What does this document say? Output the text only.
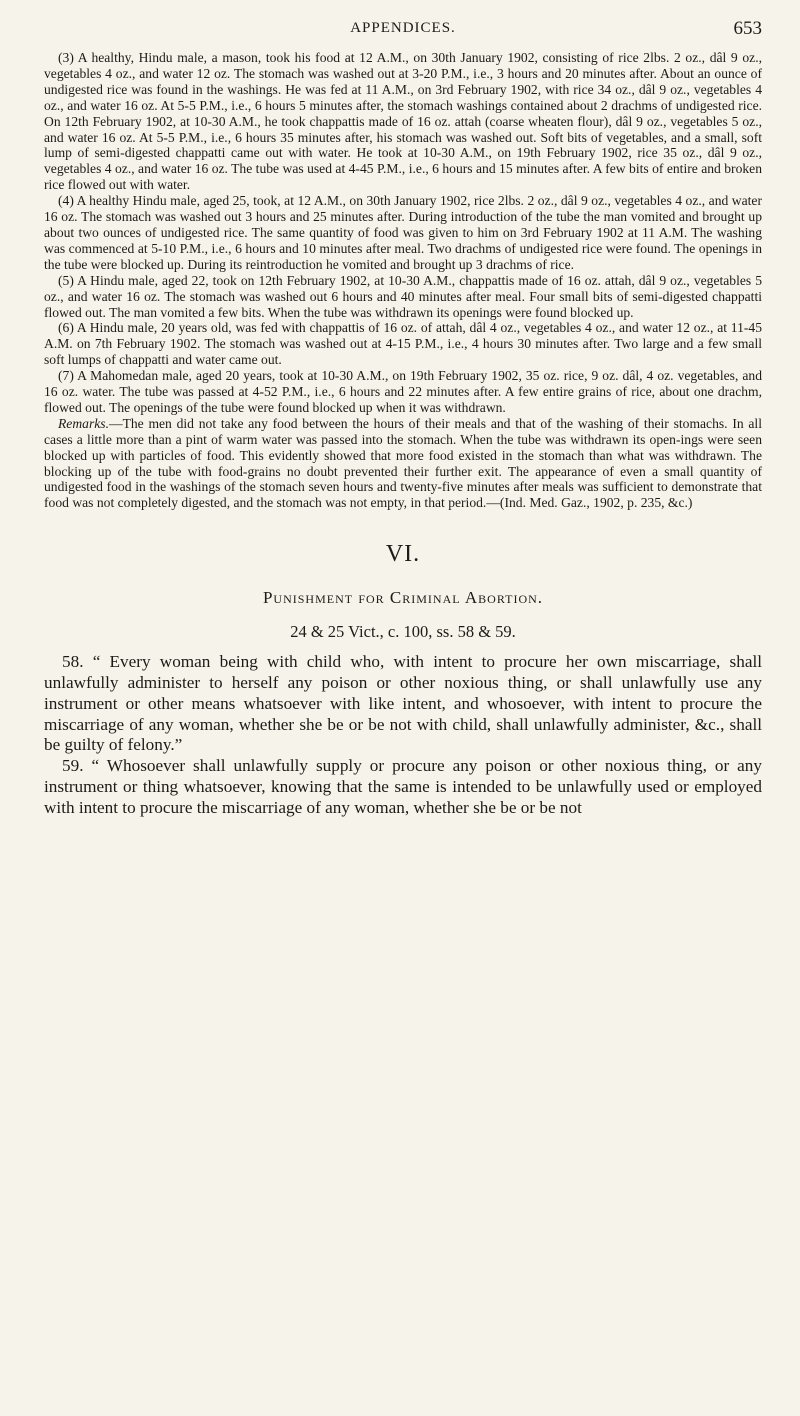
APPENDICES.	653

(3) A healthy, Hindu male, a mason, took his food at 12 A.M., on 30th January 1902, consisting of rice 2lbs. 2 oz., dâl 9 oz., vegetables 4 oz., and water 12 oz. The stomach was washed out at 3-20 P.M., i.e., 3 hours and 20 minutes after. About an ounce of undigested rice was found in the washings. He was fed at 11 A.M., on 3rd February 1902, with rice 34 oz., dâl 9 oz., vegetables 4 oz., and water 16 oz. At 5-5 P.M., i.e., 6 hours 5 minutes after, the stomach washings contained about 2 drachms of undigested rice. On 12th February 1902, at 10-30 A.M., he took chappattis made of 16 oz. attah (coarse wheaten flour), dâl 9 oz., vegetables 5 oz., and water 16 oz. At 5-5 P.M., i.e., 6 hours 35 minutes after, his stomach was washed out. Soft bits of vegetables, and a small, soft lump of semi-digested chappatti came out with water. He took at 10-30 A.M., on 19th February 1902, rice 35 oz., dâl 9 oz., vegetables 4 oz., and water 16 oz. The tube was used at 4-45 P.M., i.e., 6 hours and 15 minutes after. A few bits of entire and broken rice flowed out with water.

(4) A healthy Hindu male, aged 25, took, at 12 A.M., on 30th January 1902, rice 2lbs. 2 oz., dâl 9 oz., vegetables 4 oz., and water 16 oz. The stomach was washed out 3 hours and 25 minutes after. During introduction of the tube the man vomited and brought up about two ounces of undigested rice. The same quantity of food was given to him on 3rd February 1902 at 11 A.M. The washing was commenced at 5-10 P.M., i.e., 6 hours and 10 minutes after meal. Two drachms of undigested rice were found. The openings in the tube were blocked up. During its reintroduction he vomited and brought up 3 drachms of rice.

(5) A Hindu male, aged 22, took on 12th February 1902, at 10-30 A.M., chappattis made of 16 oz. attah, dâl 9 oz., vegetables 5 oz., and water 16 oz. The stomach was washed out 6 hours and 40 minutes after meal. Four small bits of semi-digested chappatti flowed out. The man vomited a few bits. When the tube was withdrawn its openings were found blocked up.

(6) A Hindu male, 20 years old, was fed with chappattis of 16 oz. of attah, dâl 4 oz., vegetables 4 oz., and water 12 oz., at 11-45 A.M. on 7th February 1902. The stomach was washed out at 4-15 P.M., i.e., 4 hours 30 minutes after. Two large and a few small soft lumps of chappatti and water came out.

(7) A Mahomedan male, aged 20 years, took at 10-30 A.M., on 19th February 1902, 35 oz. rice, 9 oz. dâl, 4 oz. vegetables, and 16 oz. water. The tube was passed at 4-52 P.M., i.e., 6 hours and 22 minutes after. A few entire grains of rice, about one drachm, flowed out. The openings of the tube were found blocked up when it was withdrawn.

Remarks.—The men did not take any food between the hours of their meals and that of the washing of their stomachs. In all cases a little more than a pint of warm water was passed into the stomach. When the tube was withdrawn its open-ings were seen blocked up with particles of food. This evidently showed that more food existed in the stomach than what was withdrawn. The blocking up of the tube with food-grains no doubt prevented their further exit. The appearance of even a small quantity of undigested food in the washings of the stomach seven hours and twenty-five minutes after meals was sufficient to demonstrate that food was not completely digested, and the stomach was not empty, in that period.—(Ind. Med. Gaz., 1902, p. 235, &c.)

VI.
Punishment for Criminal Abortion.
24 & 25 Vict., c. 100, ss. 58 & 59.

58. “ Every woman being with child who, with intent to procure her own miscarriage, shall unlawfully administer to herself any poison or other noxious thing, or shall unlawfully use any instrument or other means whatsoever with like intent, and whosoever, with intent to procure the miscarriage of any woman, whether she be or be not with child, shall unlawfully administer, &c., shall be guilty of felony.”

59. “ Whosoever shall unlawfully supply or procure any poison or other noxious thing, or any instrument or thing whatsoever, knowing that the same is intended to be unlawfully used or employed with intent to procure the miscarriage of any woman, whether she be or be not
